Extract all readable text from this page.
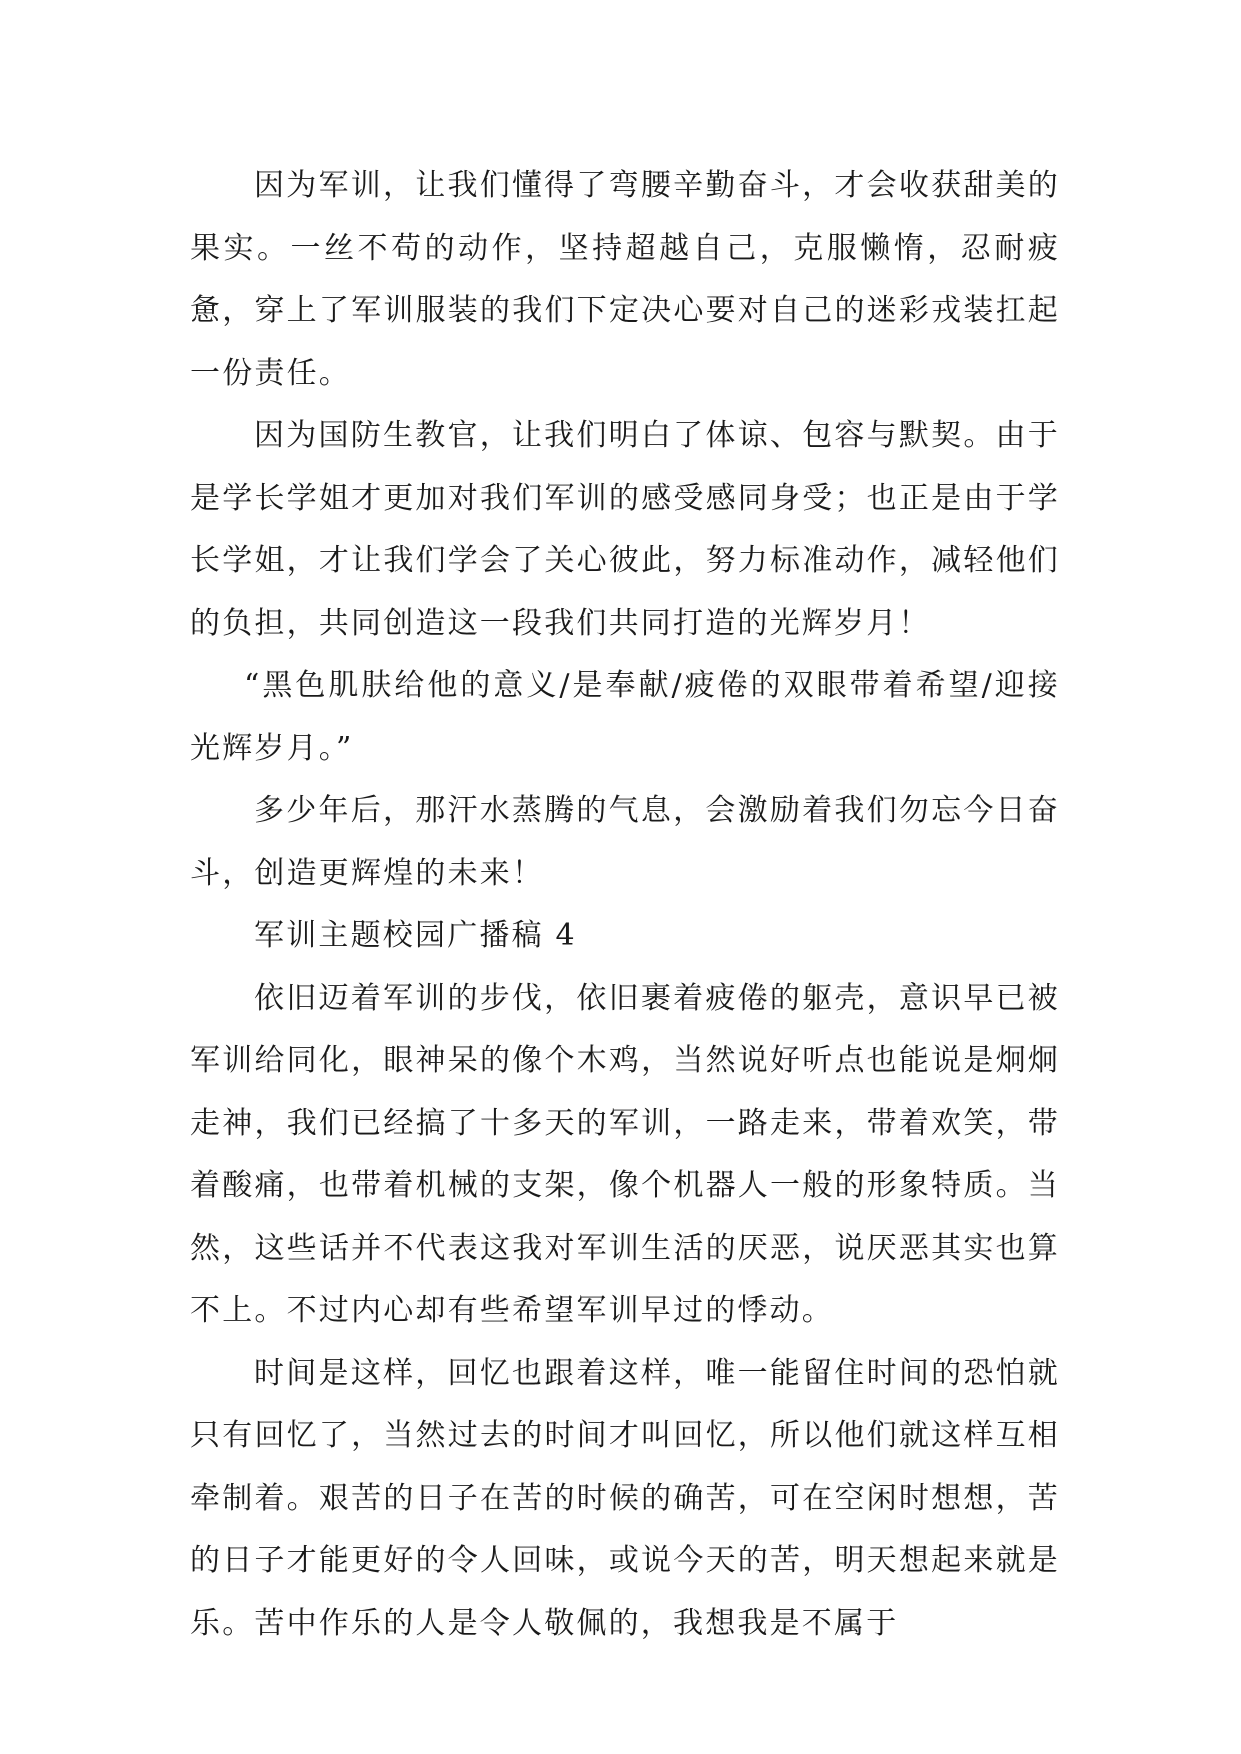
因为军训，让我们懂得了弯腰辛勤奋斗，才会收获甜美的果实。一丝不苟的动作，坚持超越自己，克服懒惰，忍耐疲惫，穿上了军训服装的我们下定决心要对自己的迷彩戎装扛起一份责任。

因为国防生教官，让我们明白了体谅、包容与默契。由于是学长学姐才更加对我们军训的感受感同身受；也正是由于学长学姐，才让我们学会了关心彼此，努力标准动作，减轻他们的负担，共同创造这一段我们共同打造的光辉岁月！

“黑色肌肤给他的意义/是奉献/疲倦的双眼带着希望/迎接光辉岁月。”

多少年后，那汗水蒸腾的气息，会激励着我们勿忘今日奋斗，创造更辉煌的未来！

军训主题校园广播稿 4

依旧迈着军训的步伐，依旧裹着疲倦的躯壳，意识早已被军训给同化，眼神呆的像个木鸡，当然说好听点也能说是炯炯走神，我们已经搞了十多天的军训，一路走来，带着欢笑，带着酸痛，也带着机械的支架，像个机器人一般的形象特质。当然，这些话并不代表这我对军训生活的厌恶，说厌恶其实也算不上。不过内心却有些希望军训早过的悸动。

时间是这样，回忆也跟着这样，唯一能留住时间的恐怕就只有回忆了，当然过去的时间才叫回忆，所以他们就这样互相牵制着。艰苦的日子在苦的时候的确苦，可在空闲时想想，苦的日子才能更好的令人回味，或说今天的苦，明天想起来就是乐。苦中作乐的人是令人敬佩的，我想我是不属于
